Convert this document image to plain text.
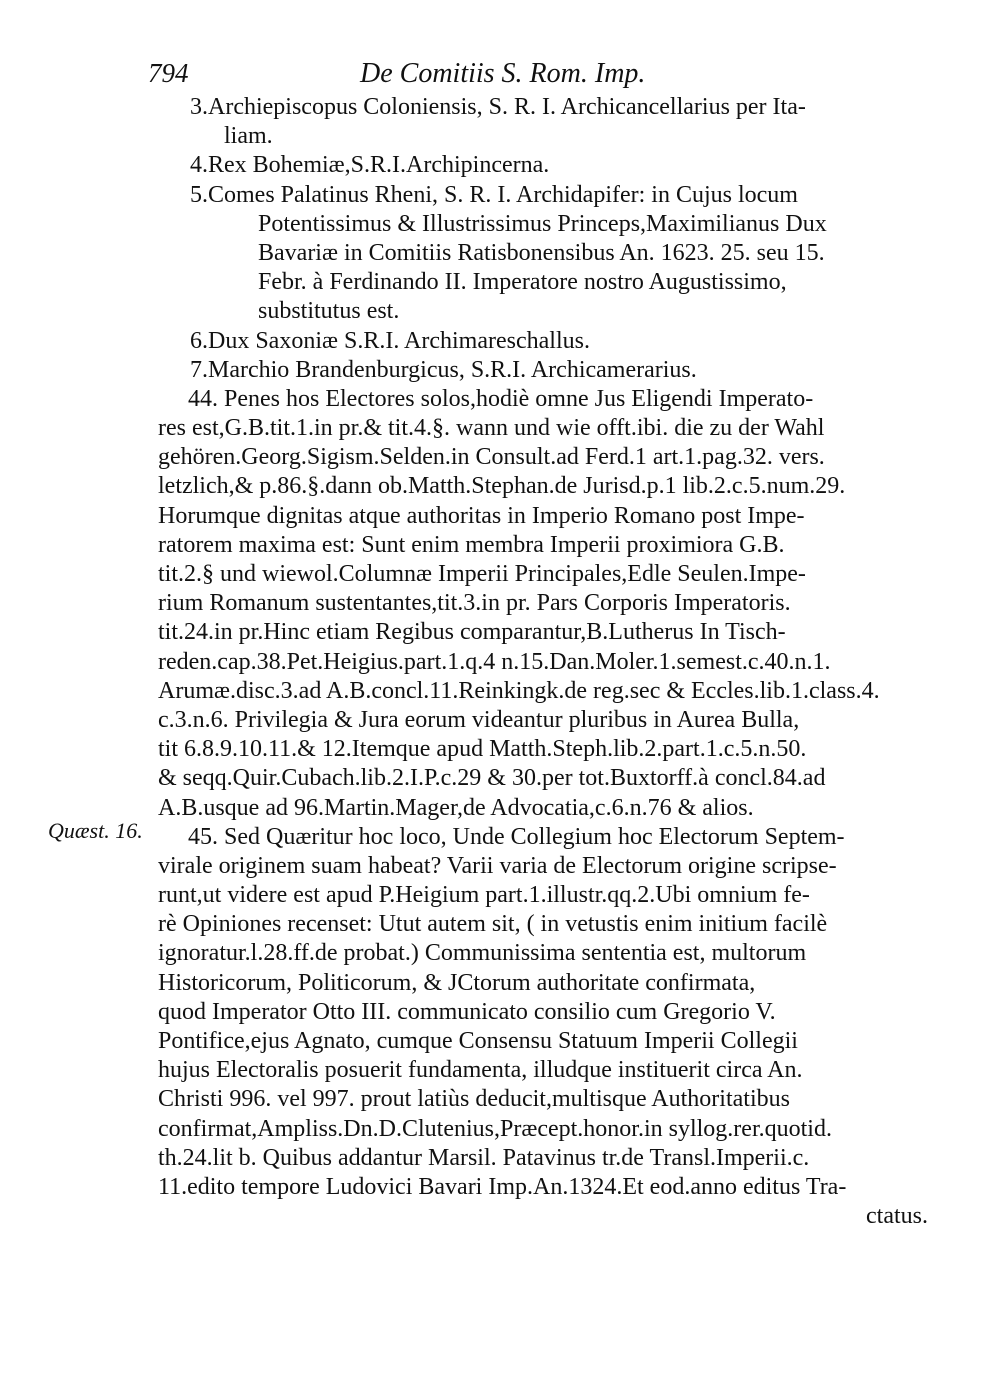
794	De Comitiis S. Rom. Imp.
Quæst. 16.
3.Archiepiscopus Coloniensis, S. R. I. Archicancellarius per Ita-
liam.
4.Rex Bohemiæ,S.R.I.Archipincerna.
5.Comes Palatinus Rheni, S. R. I. Archidapifer: in Cujus locum
Potentissimus & Illustrissimus Princeps,Maximilianus Dux
Bavariæ in Comitiis Ratisbonensibus An. 1623. 25. seu 15.
Febr. à Ferdinando II. Imperatore nostro Augustissimo,
substitutus est.
6.Dux Saxoniæ S.R.I. Archimareschallus.
7.Marchio Brandenburgicus, S.R.I. Archicamerarius.
44. Penes hos Electores solos,hodiè omne Jus Eligendi Imperato-
res est,G.B.tit.1.in pr.& tit.4.§. wann und wie offt.ibi. die zu der Wahl
gehören.Georg.Sigism.Selden.in Consult.ad Ferd.1 art.1.pag.32. vers.
letzlich,& p.86.§.dann ob.Matth.Stephan.de Jurisd.p.1 lib.2.c.5.num.29.
Horumque dignitas atque authoritas in Imperio Romano post Impe-
ratorem maxima est: Sunt enim membra Imperii proximiora G.B.
tit.2.§ und wiewol.Columnæ Imperii Principales,Edle Seulen.Impe-
rium Romanum sustentantes,tit.3.in pr. Pars Corporis Imperatoris.
tit.24.in pr.Hinc etiam Regibus comparantur,B.Lutherus In Tisch-
reden.cap.38.Pet.Heigius.part.1.q.4 n.15.Dan.Moler.1.semest.c.40.n.1.
Arumæ.disc.3.ad A.B.concl.11.Reinkingk.de reg.sec & Eccles.lib.1.class.4.
c.3.n.6. Privilegia & Jura eorum videantur pluribus in Aurea Bulla,
tit 6.8.9.10.11.& 12.Itemque apud Matth.Steph.lib.2.part.1.c.5.n.50.
& seqq.Quir.Cubach.lib.2.I.P.c.29 & 30.per tot.Buxtorff.à concl.84.ad
A.B.usque ad 96.Martin.Mager,de Advocatia,c.6.n.76 & alios.
45. Sed Quæritur hoc loco, Unde Collegium hoc Electorum Septem-
virale originem suam habeat? Varii varia de Electorum origine scripse-
runt,ut videre est apud P.Heigium part.1.illustr.qq.2.Ubi omnium fe-
rè Opiniones recenset: Utut autem sit, ( in vetustis enim initium facilè
ignoratur.l.28.ff.de probat.) Communissima sententia est, multorum
Historicorum, Politicorum, & JCtorum authoritate confirmata,
quod Imperator Otto III. communicato consilio cum Gregorio V.
Pontifice,ejus Agnato, cumque Consensu Statuum Imperii Collegii
hujus Electoralis posuerit fundamenta, illudque instituerit circa An.
Christi 996. vel 997. prout latiùs deducit,multisque Authoritatibus
confirmat,Ampliss.Dn.D.Clutenius,Præcept.honor.in syllog.rer.quotid.
th.24.lit b. Quibus addantur Marsil. Patavinus tr.de Transl.Imperii.c.
11.edito tempore Ludovici Bavari Imp.An.1324.Et eod.anno editus Tra-
ctatus.
